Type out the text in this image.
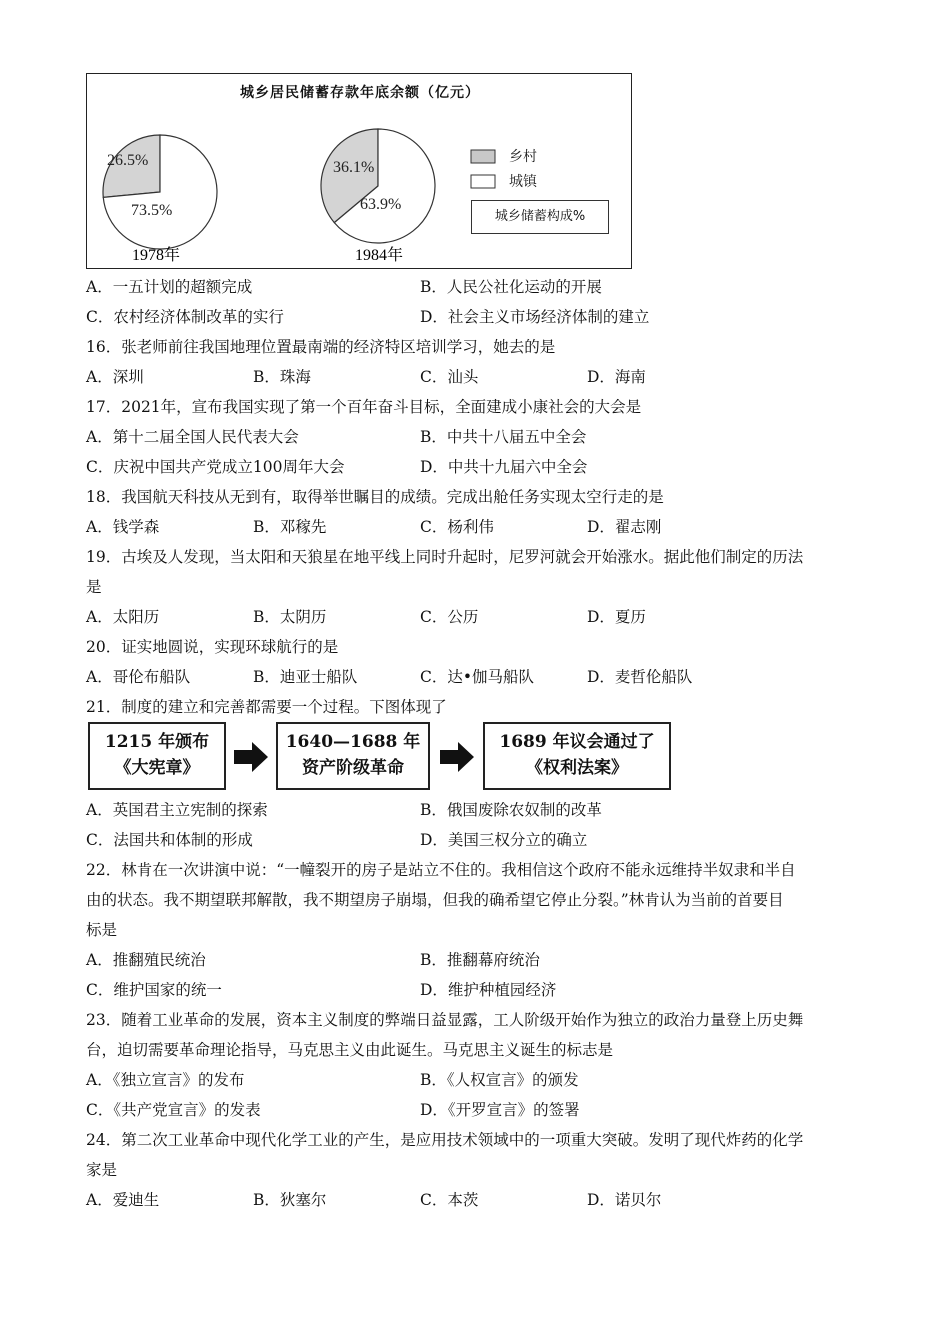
城乡居民储蓄存款年底余额（亿元）
26.5%
73.5%
36.1%
63.9%
1978年	1984年
乡村
城镇
城乡储蓄构成%
A．一五计划的超额完成	B．人民公社化运动的开展
C．农村经济体制改革的实行	D．社会主义市场经济体制的建立
16．张老师前往我国地理位置最南端的经济特区培训学习，她去的是
A．深圳	B．珠海	C．汕头	D．海南
17．2021年，宣布我国实现了第一个百年奋斗目标，全面建成小康社会的大会是
A．第十二届全国人民代表大会	B．中共十八届五中全会
C．庆祝中国共产党成立100周年大会	D．中共十九届六中全会
18．我国航天科技从无到有，取得举世瞩目的成绩。完成出舱任务实现太空行走的是
A．钱学森	B．邓稼先	C．杨利伟	D．翟志刚
19．古埃及人发现，当太阳和天狼星在地平线上同时升起时，尼罗河就会开始涨水。据此他们制定的历法
是
A．太阳历	B．太阴历	C．公历	D．夏历
20．证实地圆说，实现环球航行的是
A．哥伦布船队	B．迪亚士船队	C．达•伽马船队	D．麦哲伦船队
21．制度的建立和完善都需要一个过程。下图体现了
1215 年颁布
《大宪章》
1640—1688 年
资产阶级革命
1689 年议会通过了
《权利法案》
A．英国君主立宪制的探索	B．俄国废除农奴制的改革
C．法国共和体制的形成	D．美国三权分立的确立
22．林肯在一次讲演中说：“一幢裂开的房子是站立不住的。我相信这个政府不能永远维持半奴隶和半自
由的状态。我不期望联邦解散，我不期望房子崩塌，但我的确希望它停止分裂。”林肯认为当前的首要目
标是
A．推翻殖民统治	B．推翻幕府统治
C．维护国家的统一	D．维护种植园经济
23．随着工业革命的发展，资本主义制度的弊端日益显露，工人阶级开始作为独立的政治力量登上历史舞
台，迫切需要革命理论指导，马克思主义由此诞生。马克思主义诞生的标志是
A．《独立宣言》的发布	B．《人权宣言》的颁发
C．《共产党宣言》的发表	D．《开罗宣言》的签署
24．第二次工业革命中现代化学工业的产生，是应用技术领域中的一项重大突破。发明了现代炸药的化学
家是
A．爱迪生	B．狄塞尔	C．本茨	D．诺贝尔
